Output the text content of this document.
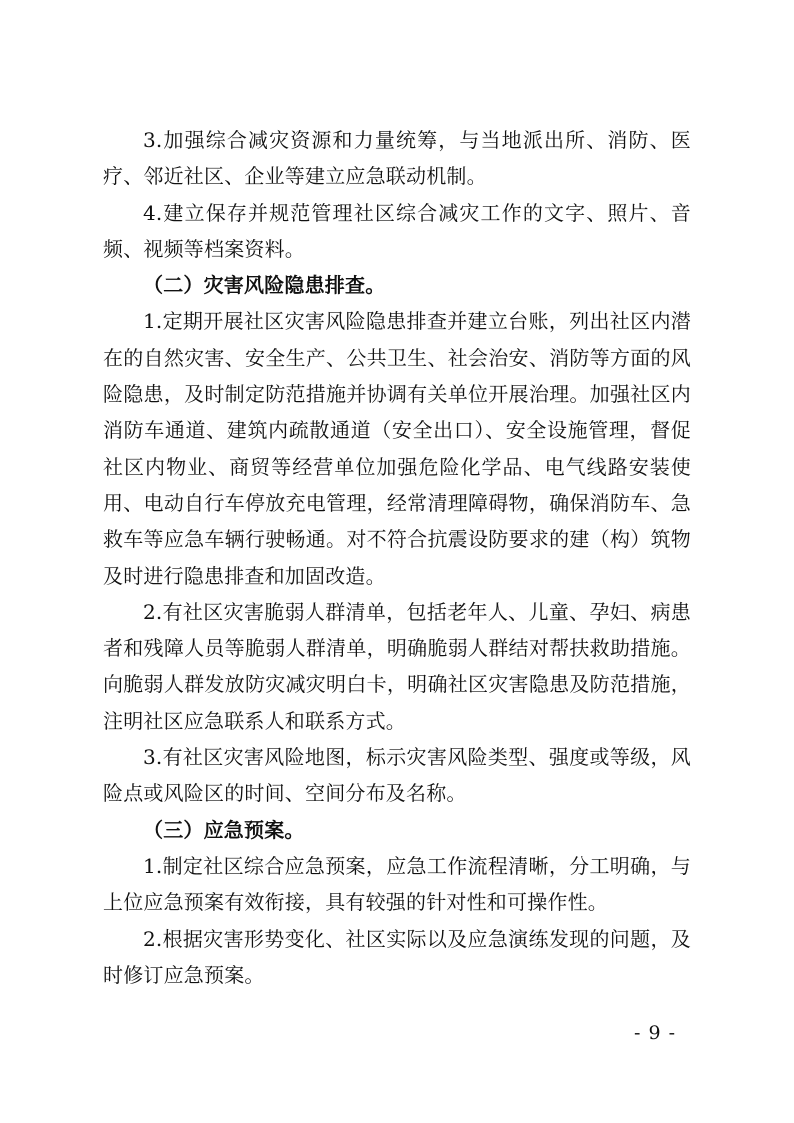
3.加强综合减灾资源和力量统筹，与当地派出所、消防、医疗、邻近社区、企业等建立应急联动机制。

4.建立保存并规范管理社区综合减灾工作的文字、照片、音频、视频等档案资料。

（二）灾害风险隐患排查。

1.定期开展社区灾害风险隐患排查并建立台账，列出社区内潜在的自然灾害、安全生产、公共卫生、社会治安、消防等方面的风险隐患，及时制定防范措施并协调有关单位开展治理。加强社区内消防车通道、建筑内疏散通道（安全出口）、安全设施管理，督促社区内物业、商贸等经营单位加强危险化学品、电气线路安装使用、电动自行车停放充电管理，经常清理障碍物，确保消防车、急救车等应急车辆行驶畅通。对不符合抗震设防要求的建（构）筑物及时进行隐患排查和加固改造。

2.有社区灾害脆弱人群清单，包括老年人、儿童、孕妇、病患者和残障人员等脆弱人群清单，明确脆弱人群结对帮扶救助措施。向脆弱人群发放防灾减灾明白卡，明确社区灾害隐患及防范措施，注明社区应急联系人和联系方式。

3.有社区灾害风险地图，标示灾害风险类型、强度或等级，风险点或风险区的时间、空间分布及名称。

（三）应急预案。

1.制定社区综合应急预案，应急工作流程清晰，分工明确，与上位应急预案有效衔接，具有较强的针对性和可操作性。

2.根据灾害形势变化、社区实际以及应急演练发现的问题，及时修订应急预案。

- 9 -
